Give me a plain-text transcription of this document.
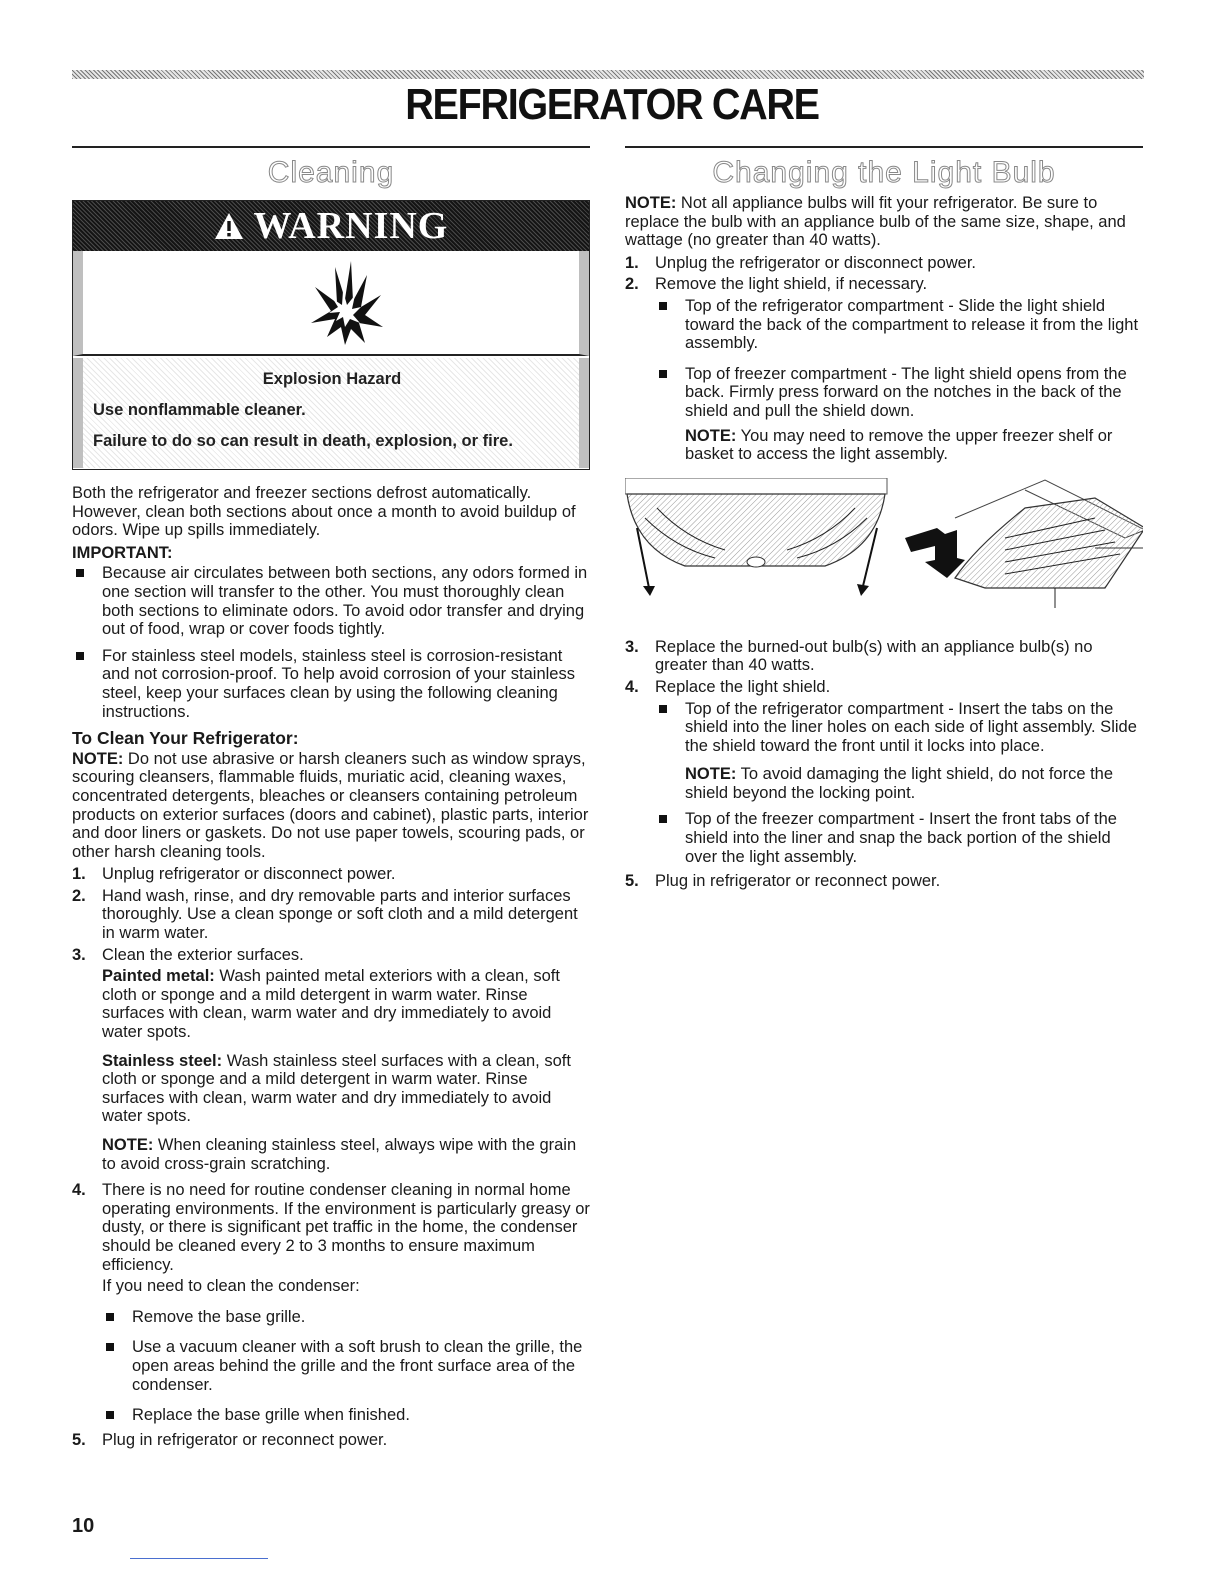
REFRIGERATOR CARE
Cleaning	Changing the Light Bulb
WARNING
Explosion Hazard
Use nonflammable cleaner.
Failure to do so can result in death, explosion, or fire.

Both the refrigerator and freezer sections defrost automatically. However, clean both sections about once a month to avoid buildup of odors. Wipe up spills immediately.

IMPORTANT:

Because air circulates between both sections, any odors formed in one section will transfer to the other. You must thoroughly clean both sections to eliminate odors. To avoid odor transfer and drying out of food, wrap or cover foods tightly.
For stainless steel models, stainless steel is corrosion-resistant and not corrosion-proof. To help avoid corrosion of your stainless steel, keep your surfaces clean by using the following cleaning instructions.
To Clean Your Refrigerator:

NOTE: Do not use abrasive or harsh cleaners such as window sprays, scouring cleansers, flammable fluids, muriatic acid, cleaning waxes, concentrated detergents, bleaches or cleansers containing petroleum products on exterior surfaces (doors and cabinet), plastic parts, interior and door liners or gaskets. Do not use paper towels, scouring pads, or other harsh cleaning tools.

1. Unplug refrigerator or disconnect power.
2. Hand wash, rinse, and dry removable parts and interior surfaces thoroughly. Use a clean sponge or soft cloth and a mild detergent in warm water.
3. Clean the exterior surfaces.

Painted metal: Wash painted metal exteriors with a clean, soft cloth or sponge and a mild detergent in warm water. Rinse surfaces with clean, warm water and dry immediately to avoid water spots.

Stainless steel: Wash stainless steel surfaces with a clean, soft cloth or sponge and a mild detergent in warm water. Rinse surfaces with clean, warm water and dry immediately to avoid water spots.

NOTE: When cleaning stainless steel, always wipe with the grain to avoid cross-grain scratching.

4. There is no need for routine condenser cleaning in normal home operating environments. If the environment is particularly greasy or dusty, or there is significant pet traffic in the home, the condenser should be cleaned every 2 to 3 months to ensure maximum efficiency.

If you need to clean the condenser:

Remove the base grille.
Use a vacuum cleaner with a soft brush to clean the grille, the open areas behind the grille and the front surface area of the condenser.
Replace the base grille when finished.
5. Plug in refrigerator or reconnect power.

NOTE: Not all appliance bulbs will fit your refrigerator. Be sure to replace the bulb with an appliance bulb of the same size, shape, and wattage (no greater than 40 watts).

1. Unplug the refrigerator or disconnect power.
2. Remove the light shield, if necessary.
Top of the refrigerator compartment - Slide the light shield toward the back of the compartment to release it from the light assembly.
Top of freezer compartment - The light shield opens from the back. Firmly press forward on the notches in the back of the shield and pull the shield down.

NOTE: You may need to remove the upper freezer shelf or basket to access the light assembly.

3. Replace the burned-out bulb(s) with an appliance bulb(s) no greater than 40 watts.
4. Replace the light shield.
Top of the refrigerator compartment - Insert the tabs on the shield into the liner holes on each side of light assembly. Slide the shield toward the front until it locks into place.

NOTE: To avoid damaging the light shield, do not force the shield beyond the locking point.

Top of the freezer compartment - Insert the front tabs of the shield into the liner and snap the back portion of the shield over the light assembly.
5. Plug in refrigerator or reconnect power.
10
